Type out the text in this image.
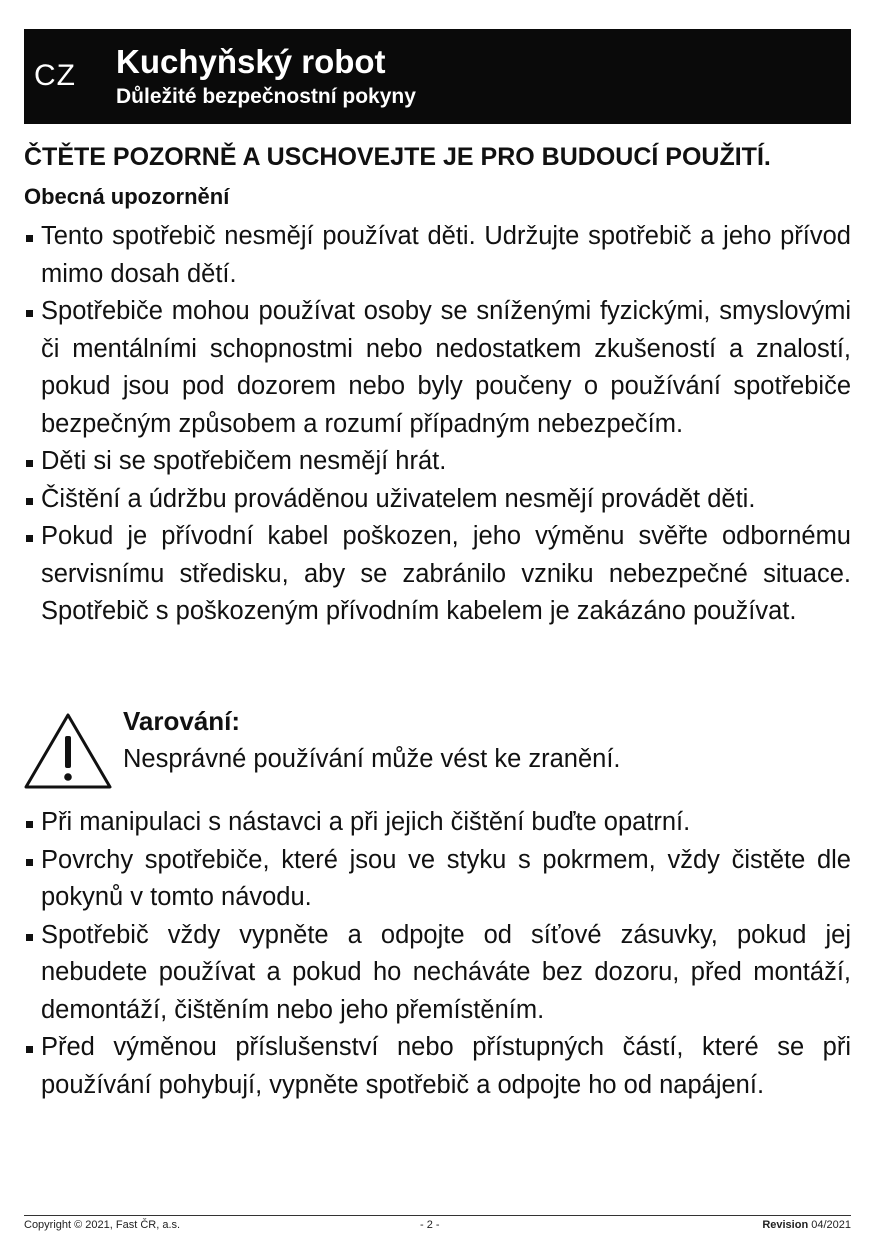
CZ Kuchyňský robot
Důležité bezpečnostní pokyny
ČTĚTE POZORNĚ A USCHOVEJTE JE PRO BUDOUCÍ POUŽITÍ.
Obecná upozornění
Tento spotřebič nesmějí používat děti. Udržujte spotřebič a jeho přívod mimo dosah dětí.
Spotřebiče mohou používat osoby se sníženými fyzickými, smyslovými či mentálními schopnostmi nebo nedostatkem zkušeností a znalostí, pokud jsou pod dozorem nebo byly poučeny o používání spotřebiče bezpečným způsobem a rozumí případným nebezpečím.
Děti si se spotřebičem nesmějí hrát.
Čištění a údržbu prováděnou uživatelem nesmějí provádět děti.
Pokud je přívodní kabel poškozen, jeho výměnu svěřte odbornému servisnímu středisku, aby se zabránilo vzniku nebezpečné situace. Spotřebič s poškozeným přívodním kabelem je zakázáno používat.
Varování:
Nesprávné používání může vést ke zranění.
Při manipulaci s nástavci a při jejich čištění buďte opatrní.
Povrchy spotřebiče, které jsou ve styku s pokrmem, vždy čistěte dle pokynů v tomto návodu.
Spotřebič vždy vypněte a odpojte od síťové zásuvky, pokud jej nebudete používat a pokud ho necháváte bez dozoru, před montáží, demontáží, čištěním nebo jeho přemístěním.
Před výměnou příslušenství nebo přístupných částí, které se při používání pohybují, vypněte spotřebič a odpojte ho od napájení.
Copyright © 2021, Fast ČR, a.s.	- 2 -	Revision 04/2021
